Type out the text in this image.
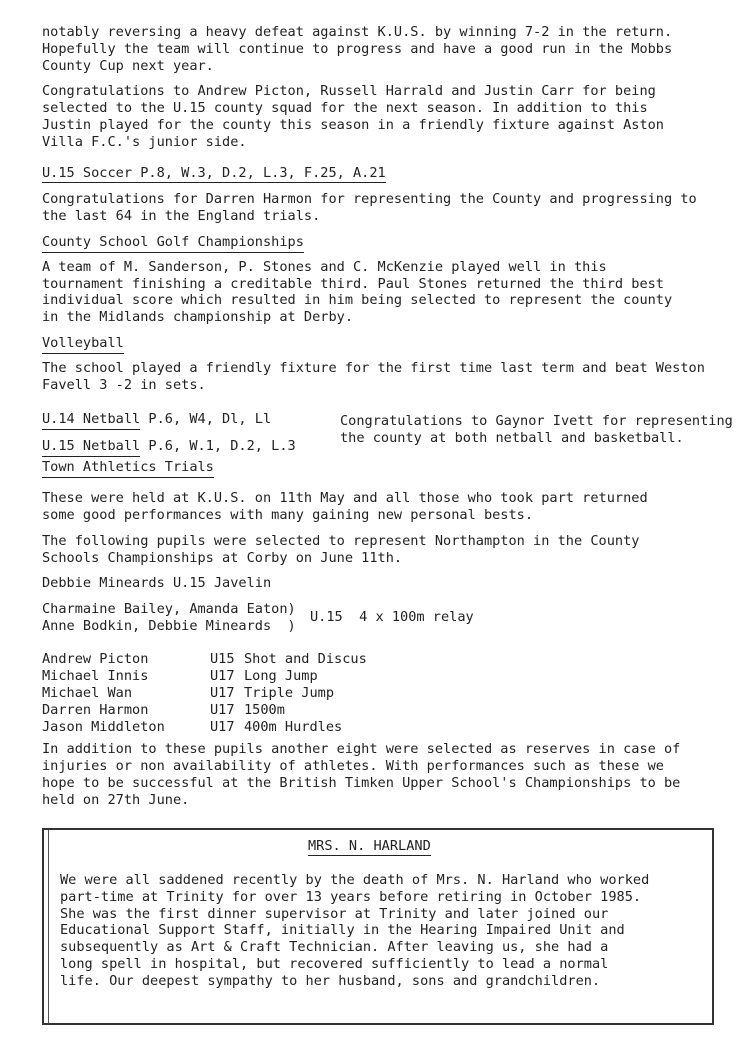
notably reversing a heavy defeat against K.U.S. by winning 7-2 in the return.

Hopefully the team will continue to progress and have a good run in the Mobbs

County Cup next year.

Congratulations to Andrew Picton, Russell Harrald and Justin Carr for being

selected to the U.15 county squad for the next season. In addition to this

Justin played for the county this season in a friendly fixture against Aston

Villa F.C.'s junior side.

U.15 Soccer P.8, W.3, D.2, L.3, F.25, A.21

Congratulations for Darren Harmon for representing the County and progressing to

the last 64 in the England trials.

County School Golf Championships

A team of M. Sanderson, P. Stones and C. McKenzie played well in this

tournament finishing a creditable third. Paul Stones returned the third best

individual score which resulted in him being selected to represent the county

in the Midlands championship at Derby.

Volleyball

The school played a friendly fixture for the first time last term and beat Weston

Favell 3 -2 in sets.

U.14 Netball P.6, W4, Dl, Ll
U.15 Netball P.6, W.1, D.2, L.3

Congratulations to Gaynor Ivett for representing

the county at both netball and basketball.

Town Athletics Trials

These were held at K.U.S. on 11th May and all those who took part returned

some good performances with many gaining new personal bests.

The following pupils were selected to represent Northampton in the County

Schools Championships at Corby on June 11th.

Debbie Mineards U.15 Javelin

Charmaine Bailey, Amanda Eaton)

Anne Bodkin, Debbie Mineards  )

U.15  4 x 100m relay
Andrew Picton	U15	Shot and Discus
Michael Innis	U17	Long Jump
Michael Wan	U17	Triple Jump
Darren Harmon	U17	1500m
Jason Middleton	U17	400m Hurdles

In addition to these pupils another eight were selected as reserves in case of

injuries or non availability of athletes. With performances such as these we

hope to be successful at the British Timken Upper School's Championships to be

held on 27th June.

MRS. N. HARLAND

We were all saddened recently by the death of Mrs. N. Harland who worked

part-time at Trinity for over 13 years before retiring in October 1985.

She was the first dinner supervisor at Trinity and later joined our

Educational Support Staff, initially in the Hearing Impaired Unit and

subsequently as Art & Craft Technician. After leaving us, she had a

long spell in hospital, but recovered sufficiently to lead a normal

life. Our deepest sympathy to her husband, sons and grandchildren.
